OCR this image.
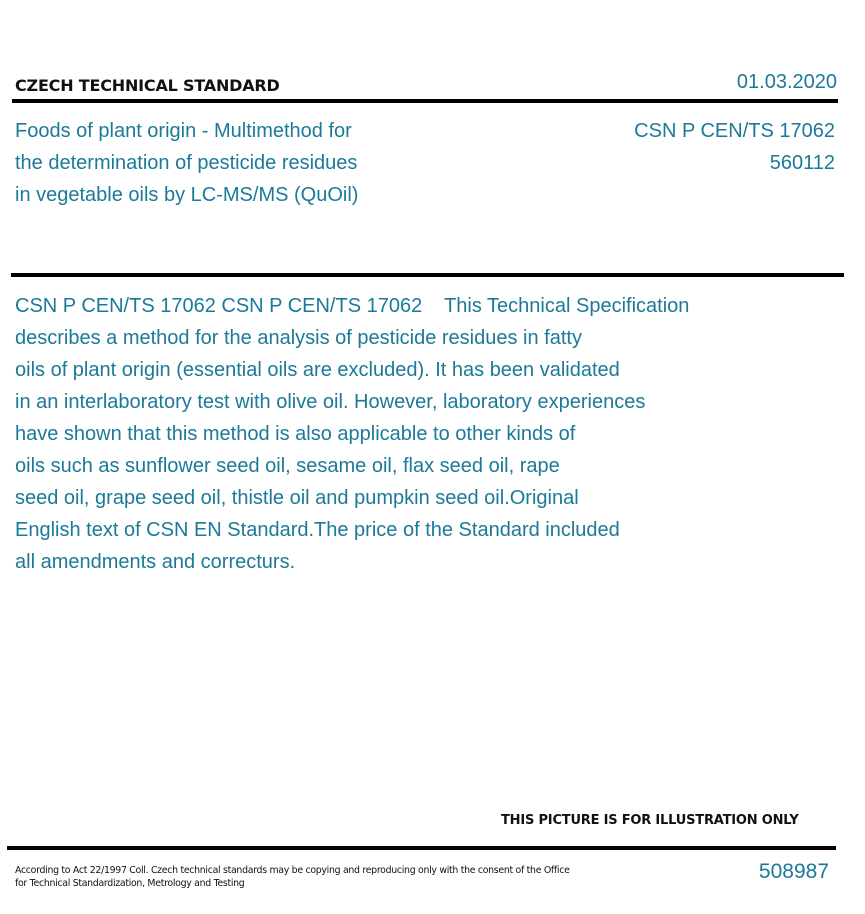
CZECH TECHNICAL STANDARD	01.03.2020
Foods of plant origin - Multimethod for
the determination of pesticide residues
in vegetable oils by LC-MS/MS (QuOil)
CSN P CEN/TS 17062
560112
CSN P CEN/TS 17062 CSN P CEN/TS 17062    This Technical Specification
describes a method for the analysis of pesticide residues in fatty
oils of plant origin (essential oils are excluded). It has been validated
in an interlaboratory test with olive oil. However, laboratory experiences
have shown that this method is also applicable to other kinds of
oils such as sunflower seed oil, sesame oil, flax seed oil, rape
seed oil, grape seed oil, thistle oil and pumpkin seed oil.Original
English text of CSN EN Standard.The price of the Standard included
all amendments and correcturs.
THIS PICTURE IS FOR ILLUSTRATION ONLY
According to Act 22/1997 Coll. Czech technical standards may be copying and reproducing only with the consent of the Office
for Technical Standardization, Metrology and Testing
508987
